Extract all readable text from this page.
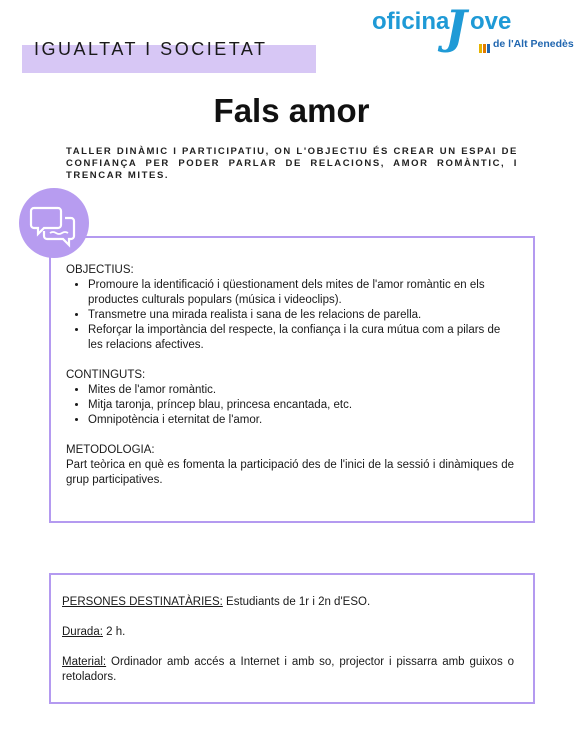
IGUALTAT I SOCIETAT
oficina
J ove
de l'Alt Penedès
Fals amor
TALLER DINÀMIC I PARTICIPATIU, ON L'OBJECTIU ÉS CREAR UN ESPAI DE CONFIANÇA PER PODER PARLAR DE RELACIONS, AMOR ROMÀNTIC, I TRENCAR MITES.
OBJECTIUS:
• Promoure la identificació i qüestionament dels mites de l'amor romàntic en els productes culturals populars (música i videoclips).
• Transmetre una mirada realista i sana de les relacions de parella.
• Reforçar la importància del respecte, la confiança i la cura mútua com a pilars de les relacions afectives.
CONTINGUTS:
• Mites de l'amor romàntic.
• Mitja taronja, príncep blau, princesa encantada, etc.
• Omnipotència i eternitat de l'amor.
METODOLOGIA:
Part teòrica en què es fomenta la participació des de l'inici de la sessió i dinàmiques de grup participatives.

PERSONES DESTINATÀRIES: Estudiants de 1r i 2n d'ESO.

Durada: 2 h.

Material: Ordinador amb accés a Internet i amb so, projector i pissarra amb guixos o retoladors.
